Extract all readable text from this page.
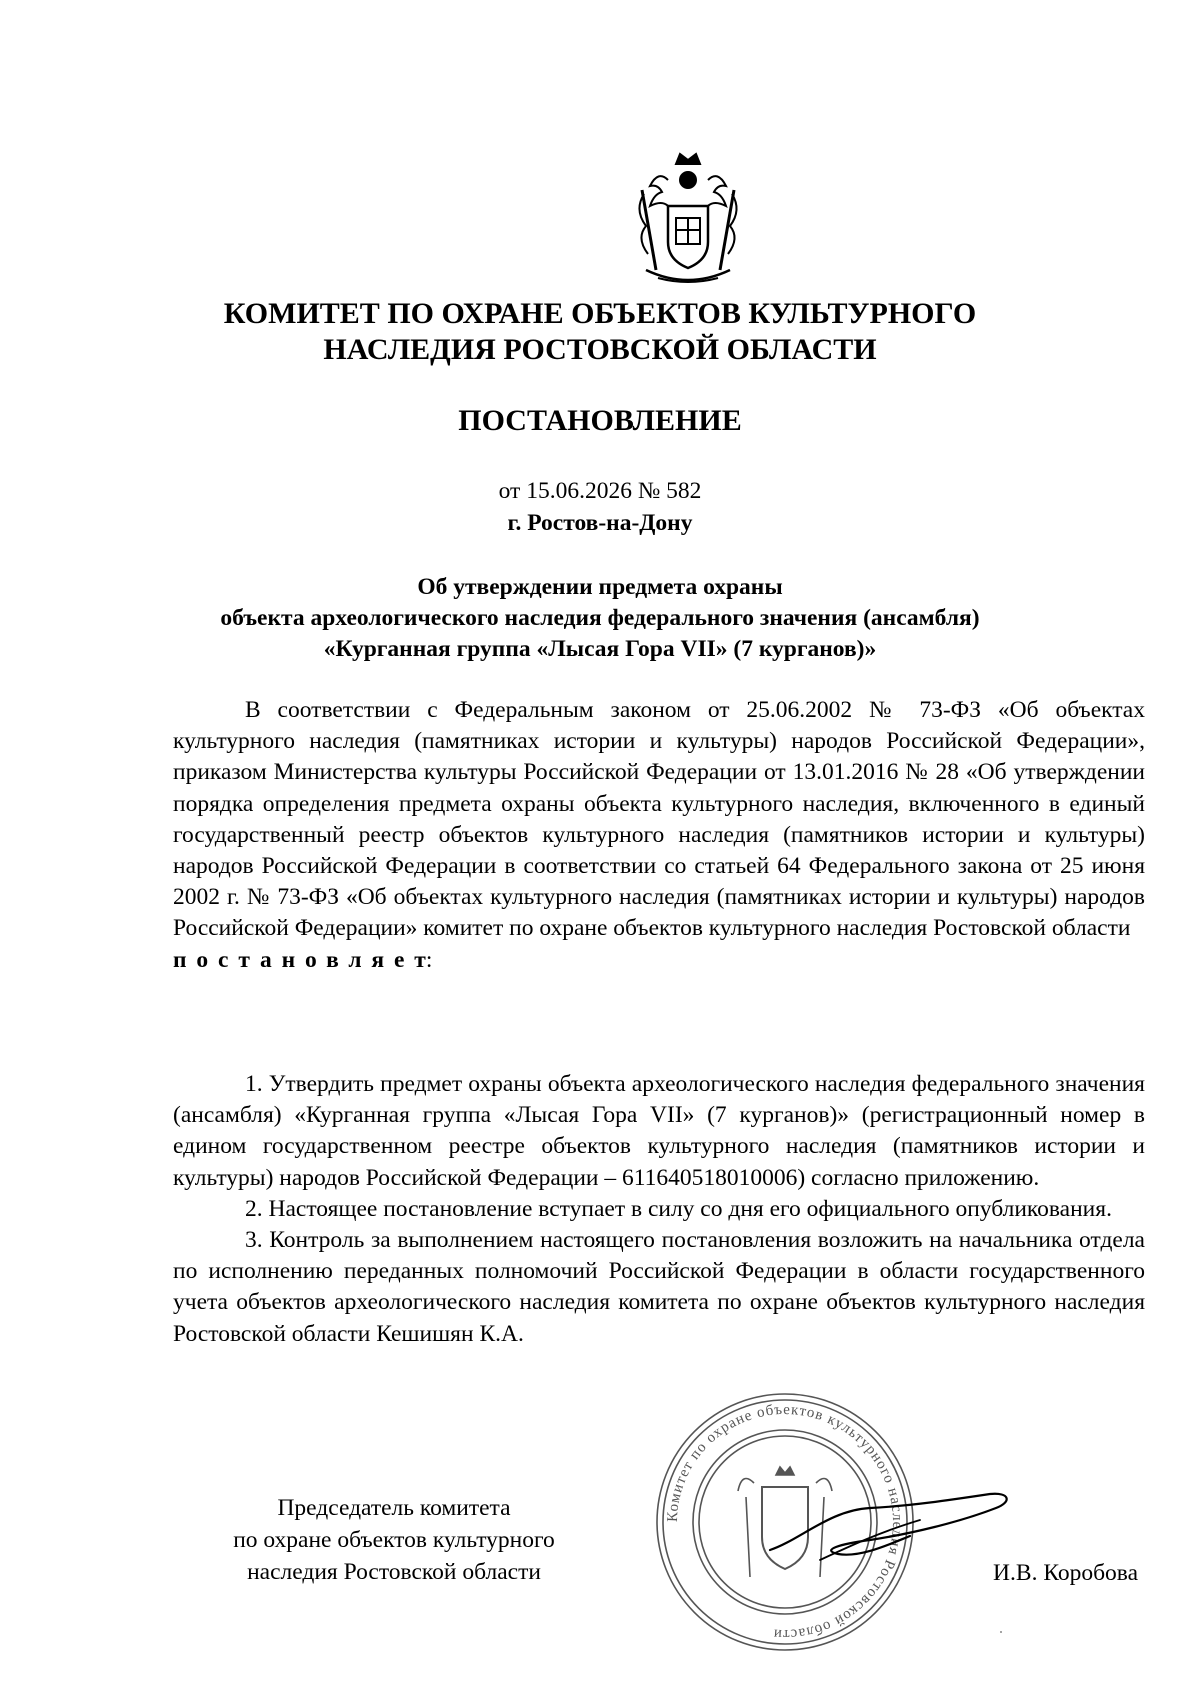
КОМИТЕТ ПО ОХРАНЕ ОБЪЕКТОВ КУЛЬТУРНОГО
НАСЛЕДИЯ РОСТОВСКОЙ ОБЛАСТИ
ПОСТАНОВЛЕНИЕ
от 15.06.2026 № 582
г. Ростов-на-Дону
Об утверждении предмета охраны
объекта археологического наследия федерального значения (ансамбля)
«Курганная группа «Лысая Гора VII» (7 курганов)»

В соответствии с Федеральным законом от 25.06.2002 № 73-ФЗ «Об объектах культурного наследия (памятниках истории и культуры) народов Российской Федерации», приказом Министерства культуры Российской Федерации от 13.01.2016 № 28 «Об утверждении порядка определения предмета охраны объекта культурного наследия, включенного в единый государственный реестр объектов культурного наследия (памятников истории и культуры) народов Российской Федерации в соответствии со статьей 64 Федерального закона от 25 июня 2002 г. № 73-ФЗ «Об объектах культурного наследия (памятниках истории и культуры) народов Российской Федерации» комитет по охране объектов культурного наследия Ростовской области
постановляет:

1. Утвердить предмет охраны объекта археологического наследия федерального значения (ансамбля) «Курганная группа «Лысая Гора VII» (7 курганов)» (регистрационный номер в едином государственном реестре объектов культурного наследия (памятников истории и культуры) народов Российской Федерации – 611640518010006) согласно приложению.

2. Настоящее постановление вступает в силу со дня его официального опубликования.

3. Контроль за выполнением настоящего постановления возложить на начальника отдела по исполнению переданных полномочий Российской Федерации в области государственного учета объектов археологического наследия комитета по охране объектов культурного наследия Ростовской области Кешишян К.А.

Комитет по охране объектов культурного наследия Ростовской области
Председатель комитета
по охране объектов культурного
наследия Ростовской области	И.В. Коробова
